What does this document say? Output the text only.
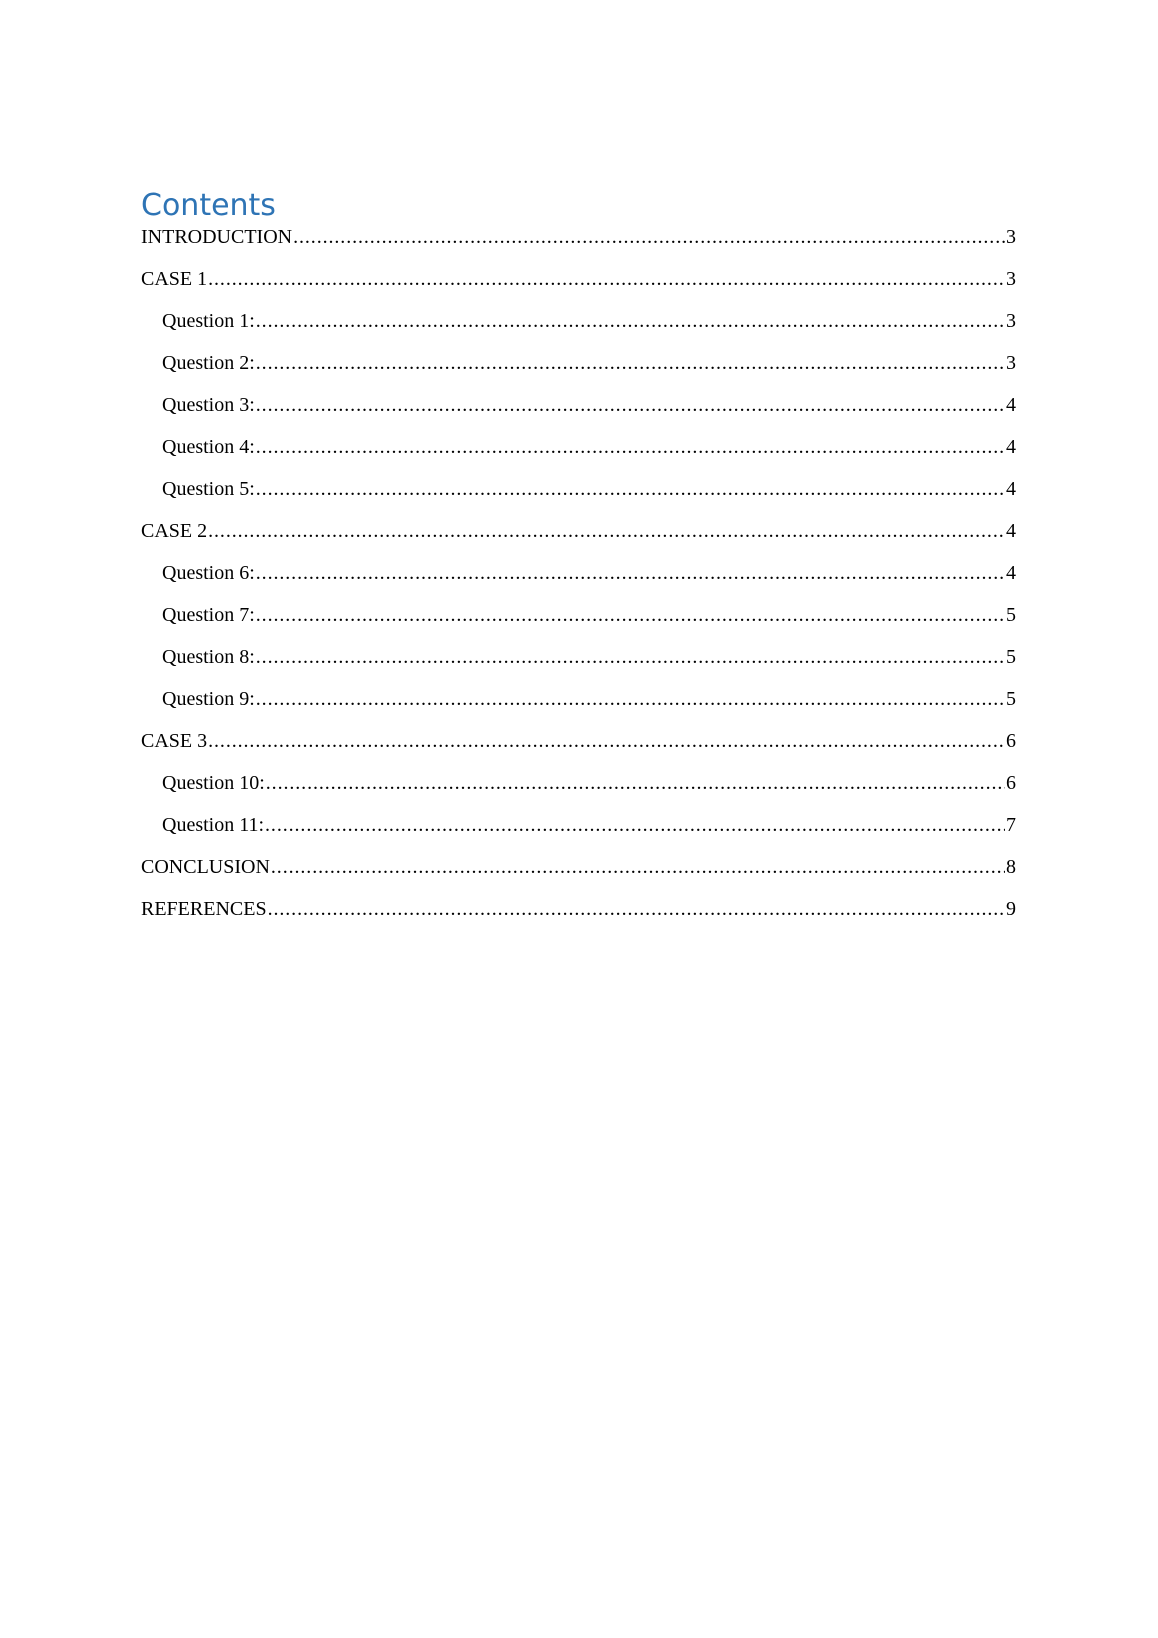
Contents
INTRODUCTION .....	3
CASE 1 .....	3
Question 1: .....	3
Question 2: .....	3
Question 3: .....	4
Question 4: .....	4
Question 5: .....	4
CASE 2 .....	4
Question 6: .....	4
Question 7: .....	5
Question 8: .....	5
Question 9: .....	5
CASE 3 .....	6
Question 10: .....	6
Question 11: .....	7
CONCLUSION .....	8
REFERENCES .....	9
